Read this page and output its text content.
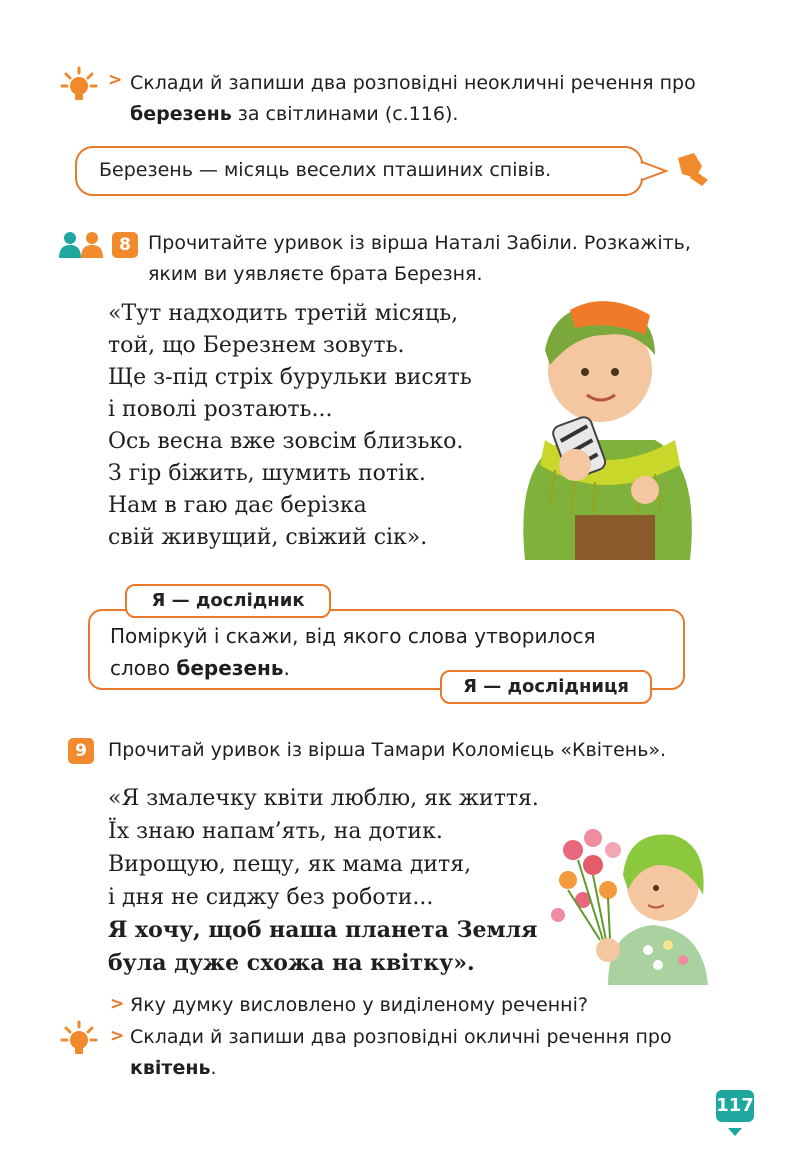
> Склади й запиши два розповідні неокличні речення про
березень за світлинами (с.116).
Березень — місяць веселих пташиних співів.
8 Прочитайте уривок із вірша Наталі Забіли. Розкажіть,
яким ви уявляєте брата Березня.
«Тут надходить третій місяць,
той, що Березнем зовуть.
Ще з-під стріх бурульки висять
і поволі розтають...
Ось весна вже зовсім близько.
З гір біжить, шумить потік.
Нам в гаю дає берізка
свій живущий, свіжий сік».
Я — дослідник
Поміркуй і скажи, від якого слова утворилося
слово березень.
Я — дослідниця
9	Прочитай уривок із вірша Тамари Коломієць «Квітень».
«Я змалечку квіти люблю, як життя.
Їх знаю напам’ять, на дотик.
Вирощую, пещу, як мама дитя,
і дня не сиджу без роботи...
Я хочу, щоб наша планета Земля
була дуже схожа на квітку».
> Яку думку висловлено у виділеному реченні?
> Склади й запиши два розповідні окличні речення про
квітень.
117
